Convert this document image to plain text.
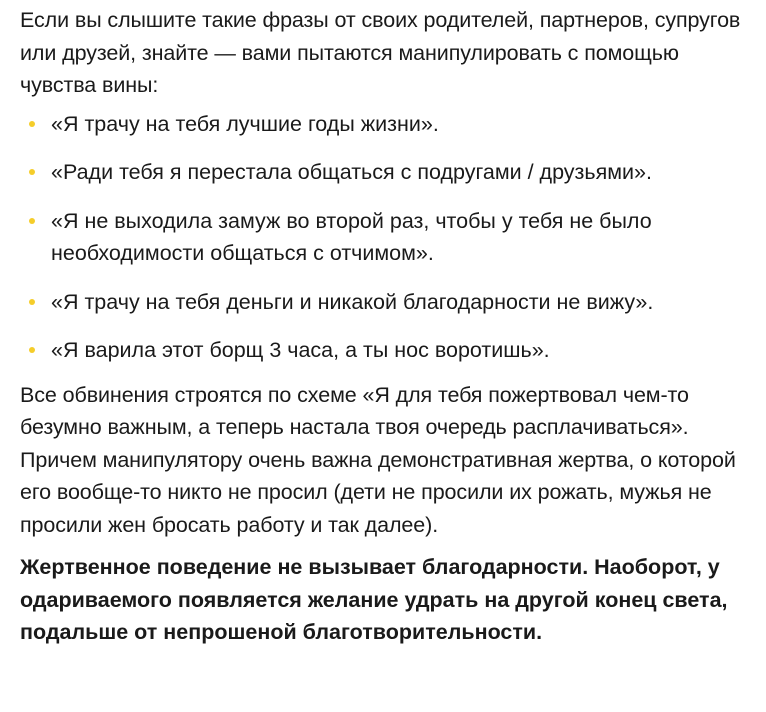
Если вы слышите такие фразы от своих родителей, партнеров, супругов или друзей, знайте — вами пытаются манипулировать с помощью чувства вины:

«Я трачу на тебя лучшие годы жизни».
«Ради тебя я перестала общаться с подругами / друзьями».
«Я не выходила замуж во второй раз, чтобы у тебя не было необходимости общаться с отчимом».
«Я трачу на тебя деньги и никакой благодарности не вижу».
«Я варила этот борщ 3 часа, а ты нос воротишь».

Все обвинения строятся по схеме «Я для тебя пожертвовал чем-то безумно важным, а теперь настала твоя очередь расплачиваться». Причем манипулятору очень важна демонстративная жертва, о которой его вообще-то никто не просил (дети не просили их рожать, мужья не просили жен бросать работу и так далее).

Жертвенное поведение не вызывает благодарности. Наоборот, у одариваемого появляется желание удрать на другой конец света, подальше от непрошеной благотворительности.
